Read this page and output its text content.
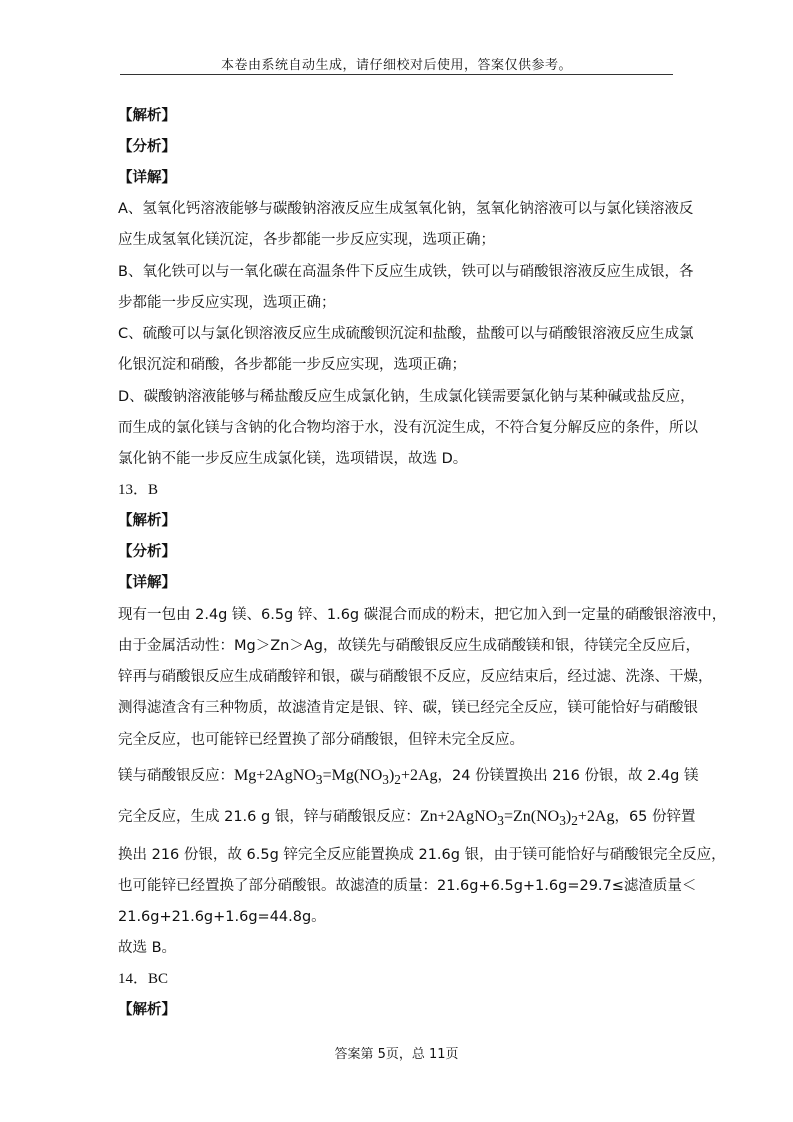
本卷由系统自动生成，请仔细校对后使用，答案仅供参考。
【解析】
【分析】
【详解】
A、氢氧化钙溶液能够与碳酸钠溶液反应生成氢氧化钠，氢氧化钠溶液可以与氯化镁溶液反
应生成氢氧化镁沉淀，各步都能一步反应实现，选项正确；
B、氧化铁可以与一氧化碳在高温条件下反应生成铁，铁可以与硝酸银溶液反应生成银，各
步都能一步反应实现，选项正确；
C、硫酸可以与氯化钡溶液反应生成硫酸钡沉淀和盐酸，盐酸可以与硝酸银溶液反应生成氯
化银沉淀和硝酸，各步都能一步反应实现，选项正确；
D、碳酸钠溶液能够与稀盐酸反应生成氯化钠，生成氯化镁需要氯化钠与某种碱或盐反应，
而生成的氯化镁与含钠的化合物均溶于水，没有沉淀生成，不符合复分解反应的条件，所以
氯化钠不能一步反应生成氯化镁，选项错误，故选 D。
13．B
【解析】
【分析】
【详解】
现有一包由 2.4g 镁、6.5g 锌、1.6g 碳混合而成的粉末，把它加入到一定量的硝酸银溶液中，
由于金属活动性：Mg＞Zn＞Ag，故镁先与硝酸银反应生成硝酸镁和银，待镁完全反应后，
锌再与硝酸银反应生成硝酸锌和银，碳与硝酸银不反应，反应结束后，经过滤、洗涤、干燥，
测得滤渣含有三种物质，故滤渣肯定是银、锌、碳，镁已经完全反应，镁可能恰好与硝酸银
完全反应，也可能锌已经置换了部分硝酸银，但锌未完全反应。
镁与硝酸银反应：$Mg+2AgNO_3=Mg(NO_3)_2+2Ag$，24 份镁置换出 216 份银，故 2.4g 镁
完全反应，生成 21.6 g 银，锌与硝酸银反应：$Zn+2AgNO_3=Zn(NO_3)_2+2Ag$，65 份锌置
换出 216 份银，故 6.5g 锌完全反应能置换成 21.6g 银，由于镁可能恰好与硝酸银完全反应，
也可能锌已经置换了部分硝酸银。故滤渣的质量：21.6g+6.5g+1.6g=29.7≤滤渣质量＜
21.6g+21.6g+1.6g=44.8g。
故选 B。
14．BC
【解析】
答案第 5页，总 11页
